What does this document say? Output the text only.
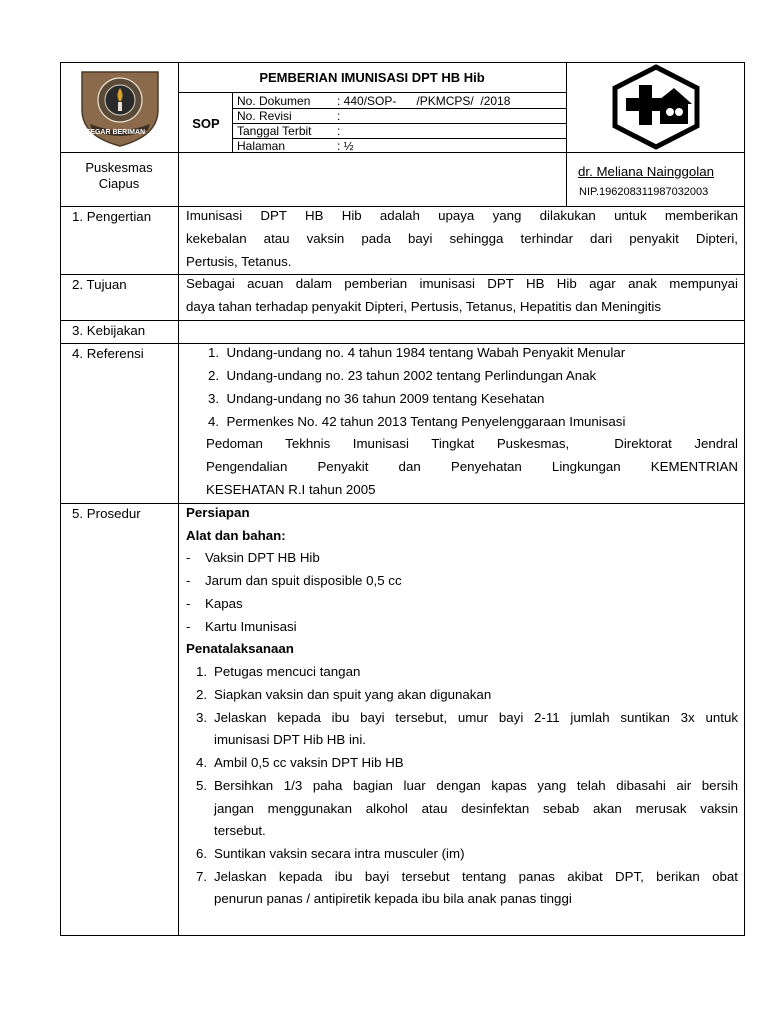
TEGAR BERIMAN
PEMBERIAN IMUNISASI DPT HB Hib
SOP
No. Dokumen : 440/SOP-      /PKMCPS/  /2018
No. Revisi	:
Tanggal Terbit :
Halaman	: ½
Puskesmas
Ciapus
dr. Meliana Nainggolan
NIP.196208311987032003
1. Pengertian
2. Tujuan
3. Kebijakan
4. Referensi
5. Prosedur
Imunisasi DPT HB Hib adalah upaya yang dilakukan untuk memberikan
kekebalan atau vaksin pada bayi sehingga terhindar dari penyakit Dipteri,
Pertusis, Tetanus.
Sebagai acuan dalam pemberian imunisasi DPT HB Hib agar anak mempunyai
daya tahan terhadap penyakit Dipteri, Pertusis, Tetanus, Hepatitis dan Meningitis
1.  Undang-undang no. 4 tahun 1984 tentang Wabah Penyakit Menular
2.  Undang-undang no. 23 tahun 2002 tentang Perlindungan Anak
3.  Undang-undang no 36 tahun 2009 tentang Kesehatan
4.  Permenkes No. 42 tahun 2013 Tentang Penyelenggaraan Imunisasi
Pedoman Tekhnis Imunisasi Tingkat Puskesmas,  Direktorat Jendral
Pengendalian Penyakit dan Penyehatan Lingkungan KEMENTRIAN
KESEHATAN R.I tahun 2005
Persiapan
Alat dan bahan:
- Vaksin DPT HB Hib
- Jarum dan spuit disposible 0,5 cc
- Kapas
- Kartu Imunisasi
Penatalaksanaan
1. Petugas mencuci tangan
2. Siapkan vaksin dan spuit yang akan digunakan
3. Jelaskan kepada ibu bayi tersebut, umur bayi 2-11 jumlah suntikan 3x untuk
imunisasi DPT Hib HB ini.
4. Ambil 0,5 cc vaksin DPT Hib HB
5. Bersihkan 1/3 paha bagian luar dengan kapas yang telah dibasahi air bersih
jangan menggunakan alkohol atau desinfektan sebab akan merusak vaksin
tersebut.
6. Suntikan vaksin secara intra musculer (im)
7. Jelaskan kepada ibu bayi tersebut tentang panas akibat DPT, berikan obat
penurun panas / antipiretik kepada ibu bila anak panas tinggi
